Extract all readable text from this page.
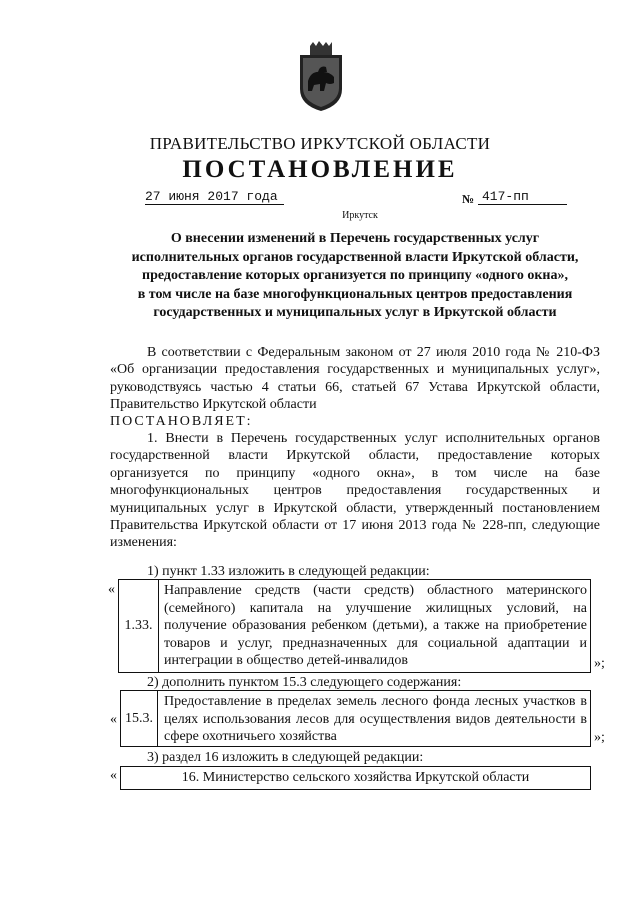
ПРАВИТЕЛЬСТВО ИРКУТСКОЙ ОБЛАСТИ
ПОСТАНОВЛЕНИЕ
27 июня 2017 года	№ 417-пп
Иркутск
О внесении изменений в Перечень государственных услуг
исполнительных органов государственной власти Иркутской области,
предоставление которых организуется по принципу «одного окна»,
в том числе на базе многофункциональных центров предоставления
государственных и муниципальных услуг в Иркутской области
В соответствии с Федеральным законом от 27 июля 2010 года № 210-ФЗ «Об организации предоставления государственных и муниципальных услуг», руководствуясь частью 4 статьи 66, статьей 67 Устава Иркутской области, Правительство Иркутской области
ПОСТАНОВЛЯЕТ:
1. Внести в Перечень государственных услуг исполнительных органов государственной власти Иркутской области, предоставление которых организуется по принципу «одного окна», в том числе на базе многофункциональных центров предоставления государственных и муниципальных услуг в Иркутской области, утвержденный постановлением Правительства Иркутской области от 17 июня 2013 года № 228-пп, следующие изменения:
1) пункт 1.33 изложить в следующей редакции:
«
1.33.
Направление средств (части средств) областного материнского (семейного) капитала на улучшение жилищных условий, на получение образования ребенком (детьми), а также на приобретение товаров и услуг, предназначенных для социальной адаптации и интеграции в общество детей-инвалидов	»;
2) дополнить пунктом 15.3 следующего содержания:
« 15.3.
Предоставление в пределах земель лесного фонда лесных участков в целях использования лесов для осуществления видов деятельности в сфере охотничьего хозяйства	»;
3) раздел 16 изложить в следующей редакции:
«	16. Министерство сельского хозяйства Иркутской области
